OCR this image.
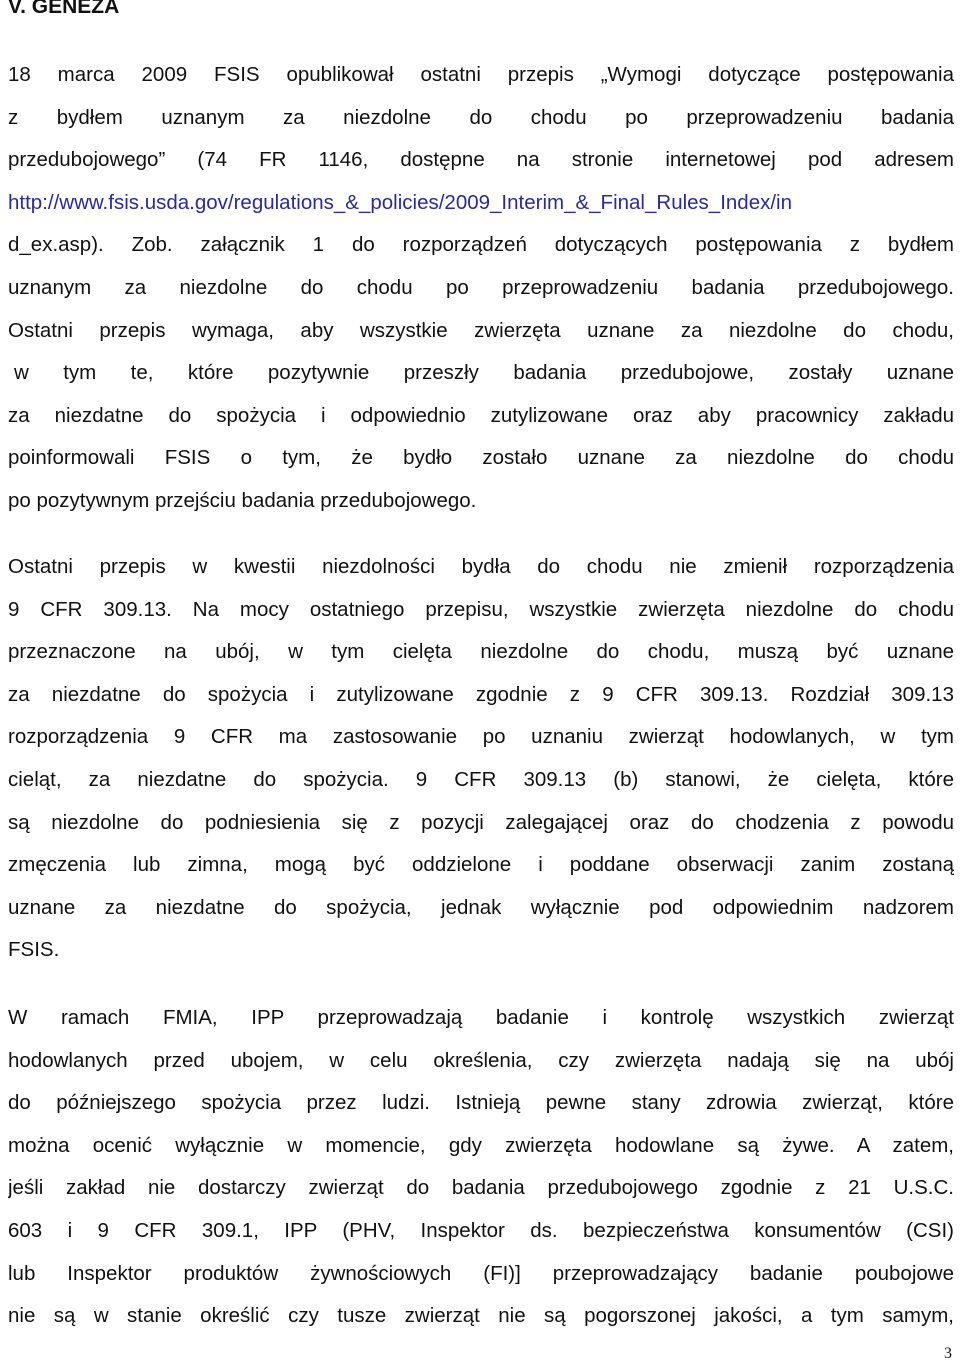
V. GENEZA
18 marca 2009 FSIS opublikował ostatni przepis „Wymogi dotyczące postępowania
z bydłem uznanym za niezdolne do chodu po przeprowadzeniu badania
przedubojowego” (74 FR 1146, dostępne na stronie internetowej pod adresem
http://www.fsis.usda.gov/regulations_&_policies/2009_Interim_&_Final_Rules_Index/in
d_ex.asp). Zob. załącznik 1 do rozporządzeń dotyczących postępowania z bydłem
uznanym za niezdolne do chodu po przeprowadzeniu badania przedubojowego.
Ostatni przepis wymaga, aby wszystkie zwierzęta uznane za niezdolne do chodu,
w tym te, które pozytywnie przeszły badania przedubojowe, zostały uznane
za niezdatne do spożycia i odpowiednio zutylizowane oraz aby pracownicy zakładu
poinformowali FSIS o tym, że bydło zostało uznane za niezdolne do chodu
po pozytywnym przejściu badania przedubojowego.
Ostatni przepis w kwestii niezdolności bydła do chodu nie zmienił rozporządzenia
9 CFR 309.13. Na mocy ostatniego przepisu, wszystkie zwierzęta niezdolne do chodu
przeznaczone na ubój, w tym cielęta niezdolne do chodu, muszą być uznane
za niezdatne do spożycia i zutylizowane zgodnie z 9 CFR 309.13. Rozdział 309.13
rozporządzenia 9 CFR ma zastosowanie po uznaniu zwierząt hodowlanych, w tym
cieląt, za niezdatne do spożycia. 9 CFR 309.13 (b) stanowi, że cielęta, które
są niezdolne do podniesienia się z pozycji zalegającej oraz do chodzenia z powodu
zmęczenia lub zimna, mogą być oddzielone i poddane obserwacji zanim zostaną
uznane za niezdatne do spożycia, jednak wyłącznie pod odpowiednim nadzorem
FSIS.
W ramach FMIA, IPP przeprowadzają badanie i kontrolę wszystkich zwierząt
hodowlanych przed ubojem, w celu określenia, czy zwierzęta nadają się na ubój
do późniejszego spożycia przez ludzi. Istnieją pewne stany zdrowia zwierząt, które
można ocenić wyłącznie w momencie, gdy zwierzęta hodowlane są żywe. A zatem,
jeśli zakład nie dostarczy zwierząt do badania przedubojowego zgodnie z 21 U.S.C.
603 i 9 CFR 309.1, IPP (PHV, Inspektor ds. bezpieczeństwa konsumentów (CSI)
lub Inspektor produktów żywnościowych (FI)] przeprowadzający badanie poubojowe
nie są w stanie określić czy tusze zwierząt nie są pogorszonej jakości, a tym samym,
3
